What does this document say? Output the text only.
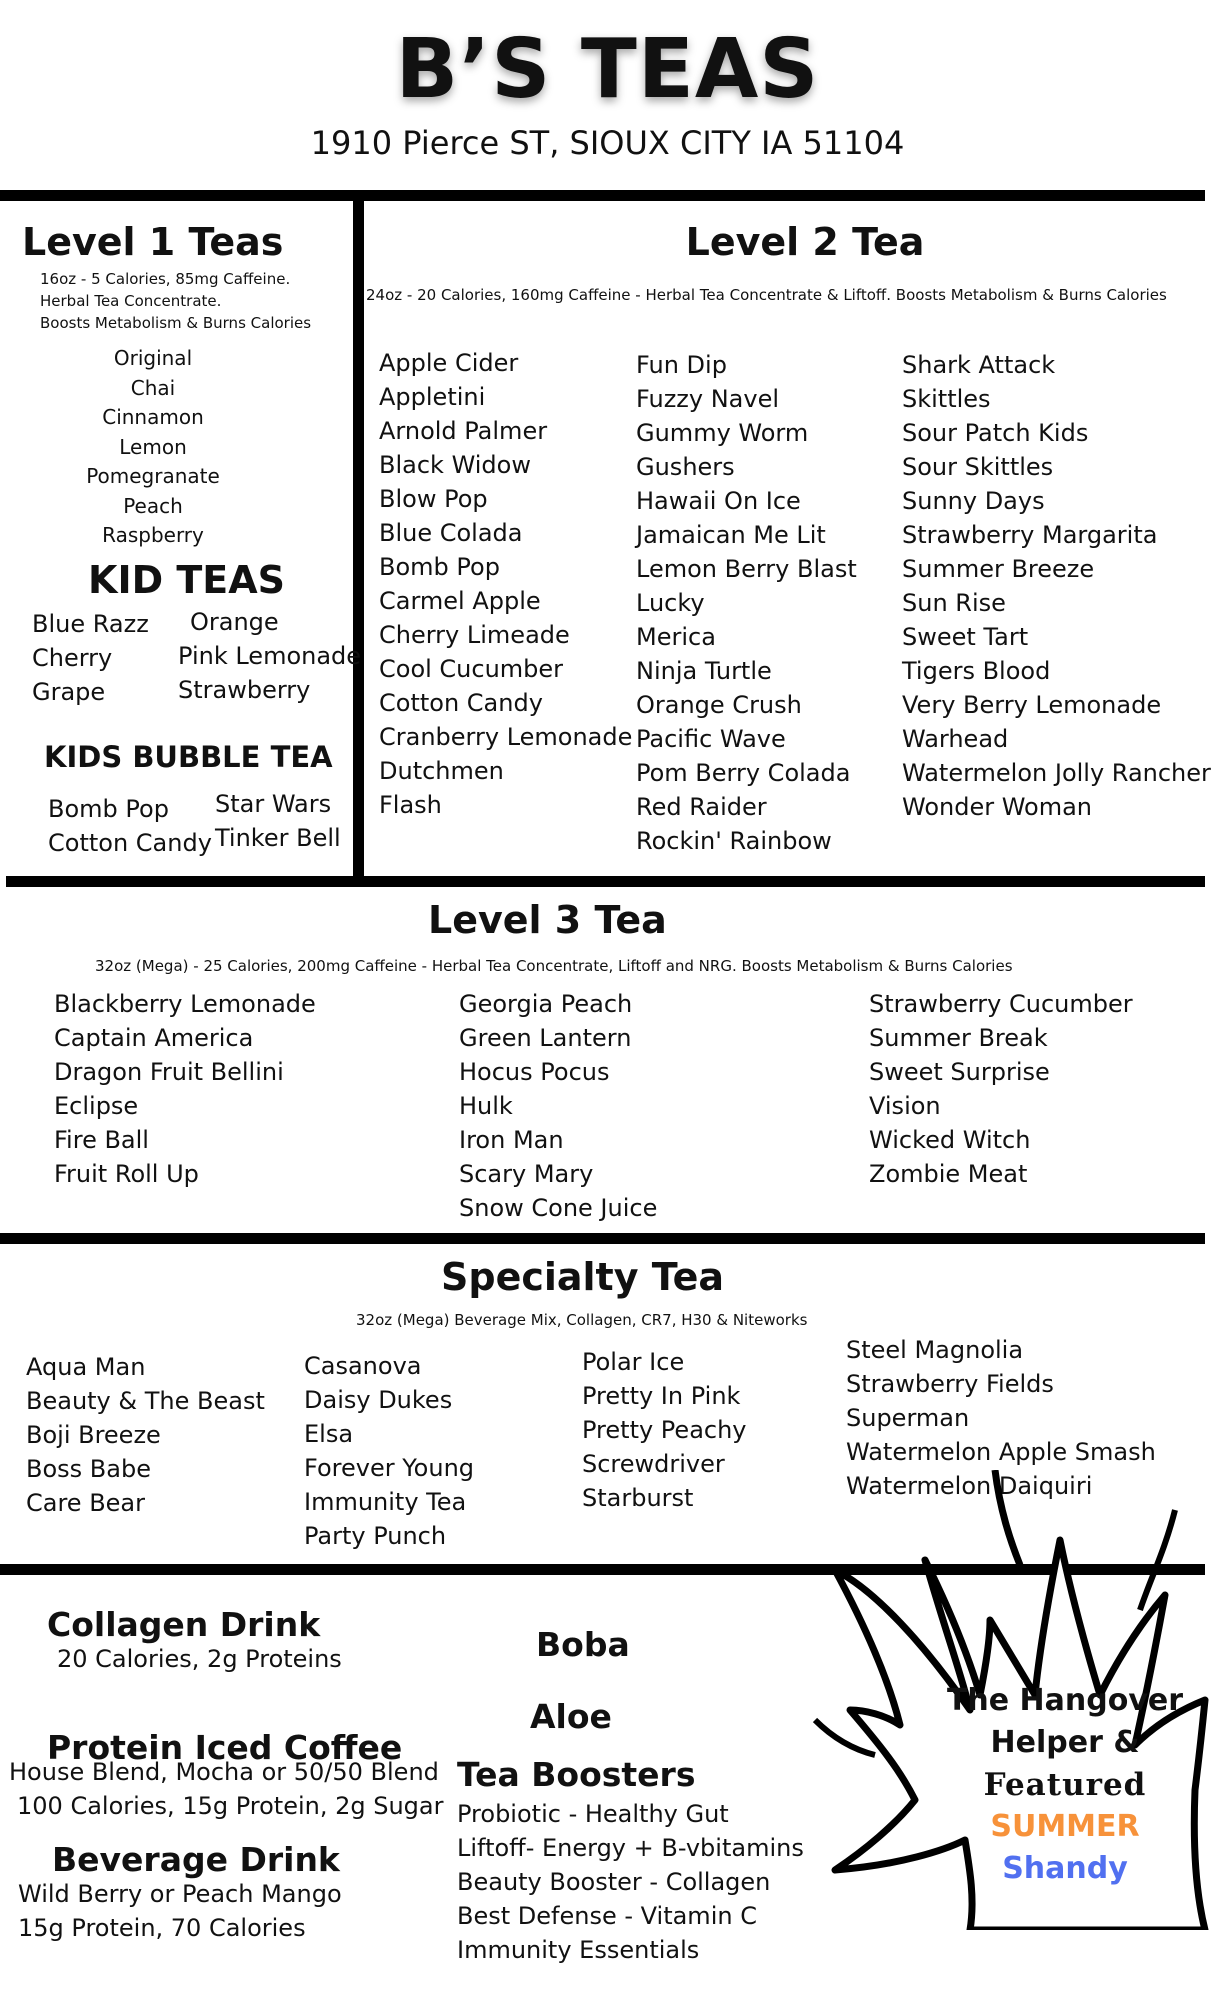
B’S TEAS
1910 Pierce ST, SIOUX CITY IA 51104
Level 1 Teas
16oz - 5 Calories, 85mg Caffeine.
Herbal Tea Concentrate.
Boosts Metabolism & Burns Calories
Original
Chai
Cinnamon
Lemon
Pomegranate
Peach
Raspberry
KID TEAS
Blue Razz
Cherry
Grape
Orange
Pink Lemonade
Strawberry
KIDS BUBBLE TEA
Bomb Pop
Cotton Candy
Star Wars
Tinker Bell
Level 2 Tea
24oz - 20 Calories, 160mg Caffeine - Herbal Tea Concentrate & Liftoff. Boosts Metabolism & Burns Calories
Apple Cider
Appletini
Arnold Palmer
Black Widow
Blow Pop
Blue Colada
Bomb Pop
Carmel Apple
Cherry Limeade
Cool Cucumber
Cotton Candy
Cranberry Lemonade
Dutchmen
Flash
Fun Dip
Fuzzy Navel
Gummy Worm
Gushers
Hawaii On Ice
Jamaican Me Lit
Lemon Berry Blast
Lucky
Merica
Ninja Turtle
Orange Crush
Pacific Wave
Pom Berry Colada
Red Raider
Rockin' Rainbow
Shark Attack
Skittles
Sour Patch Kids
Sour Skittles
Sunny Days
Strawberry Margarita
Summer Breeze
Sun Rise
Sweet Tart
Tigers Blood
Very Berry Lemonade
Warhead
Watermelon Jolly Rancher
Wonder Woman
Level 3 Tea
32oz (Mega) - 25 Calories, 200mg Caffeine - Herbal Tea Concentrate, Liftoff and NRG. Boosts Metabolism & Burns Calories
Blackberry Lemonade
Captain America
Dragon Fruit Bellini
Eclipse
Fire Ball
Fruit Roll Up
Georgia Peach
Green Lantern
Hocus Pocus
Hulk
Iron Man
Scary Mary
Snow Cone Juice
Strawberry Cucumber
Summer Break
Sweet Surprise
Vision
Wicked Witch
Zombie Meat
Specialty Tea
32oz (Mega) Beverage Mix, Collagen, CR7, H30 & Niteworks
Aqua Man
Beauty & The Beast
Boji Breeze
Boss Babe
Care Bear
Casanova
Daisy Dukes
Elsa
Forever Young
Immunity Tea
Party Punch
Polar Ice
Pretty In Pink
Pretty Peachy
Screwdriver
Starburst
Steel Magnolia
Strawberry Fields
Superman
Watermelon Apple Smash
Watermelon Daiquiri
The Hangover
Helper &
Featured
SUMMER
Shandy
Collagen Drink
20 Calories, 2g Proteins
Protein Iced Coffee
House Blend, Mocha or 50/50 Blend
100 Calories, 15g Protein, 2g Sugar
Beverage Drink
Wild Berry or Peach Mango
15g Protein, 70 Calories
Boba
Aloe
Tea Boosters
Probiotic - Healthy Gut
Liftoff- Energy + B-vbitamins
Beauty Booster - Collagen
Best Defense - Vitamin C
Immunity Essentials
